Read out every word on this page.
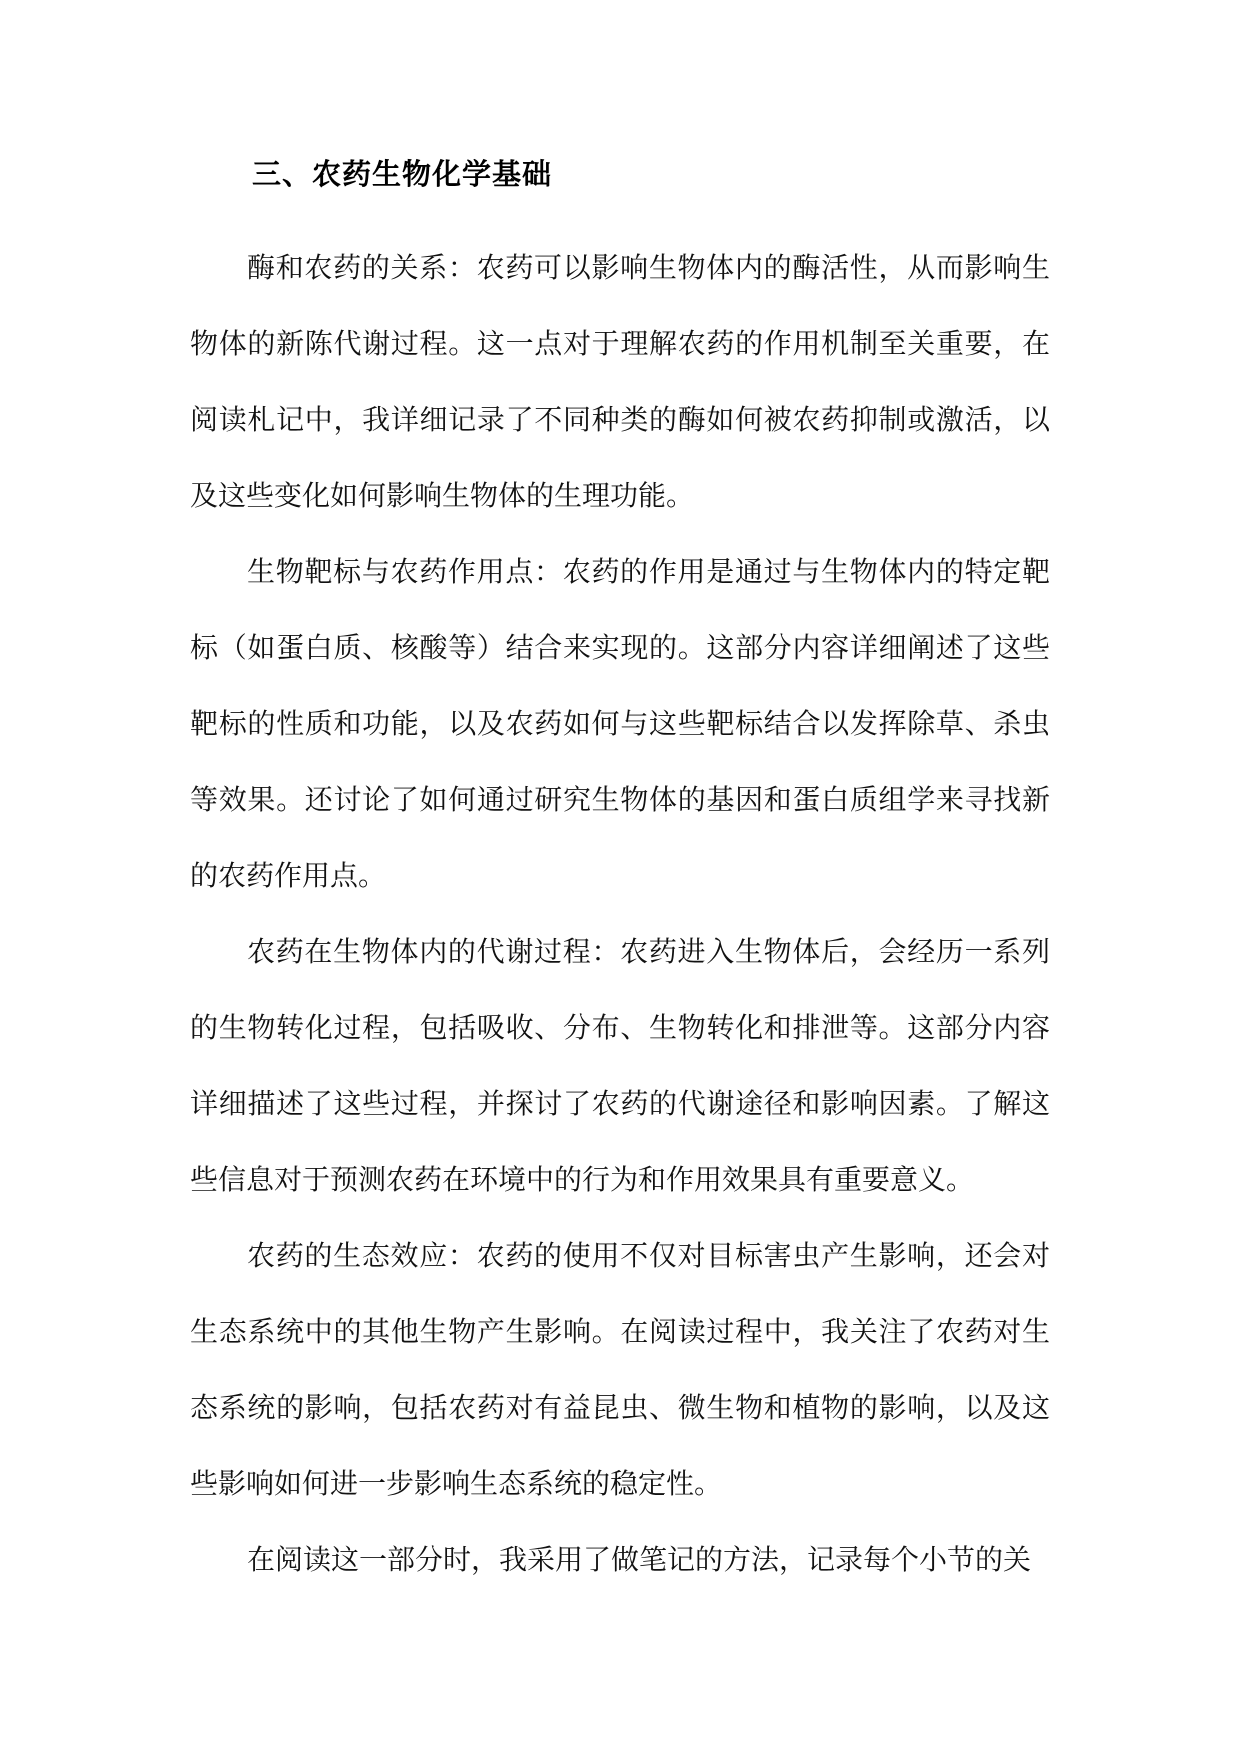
三、农药生物化学基础

酶和农药的关系：农药可以影响生物体内的酶活性，从而影响生物体的新陈代谢过程。这一点对于理解农药的作用机制至关重要，在阅读札记中，我详细记录了不同种类的酶如何被农药抑制或激活，以及这些变化如何影响生物体的生理功能。

生物靶标与农药作用点：农药的作用是通过与生物体内的特定靶标（如蛋白质、核酸等）结合来实现的。这部分内容详细阐述了这些靶标的性质和功能，以及农药如何与这些靶标结合以发挥除草、杀虫等效果。还讨论了如何通过研究生物体的基因和蛋白质组学来寻找新的农药作用点。

农药在生物体内的代谢过程：农药进入生物体后，会经历一系列的生物转化过程，包括吸收、分布、生物转化和排泄等。这部分内容详细描述了这些过程，并探讨了农药的代谢途径和影响因素。了解这些信息对于预测农药在环境中的行为和作用效果具有重要意义。

农药的生态效应：农药的使用不仅对目标害虫产生影响，还会对生态系统中的其他生物产生影响。在阅读过程中，我关注了农药对生态系统的影响，包括农药对有益昆虫、微生物和植物的影响，以及这些影响如何进一步影响生态系统的稳定性。

在阅读这一部分时，我采用了做笔记的方法，记录每个小节的关
